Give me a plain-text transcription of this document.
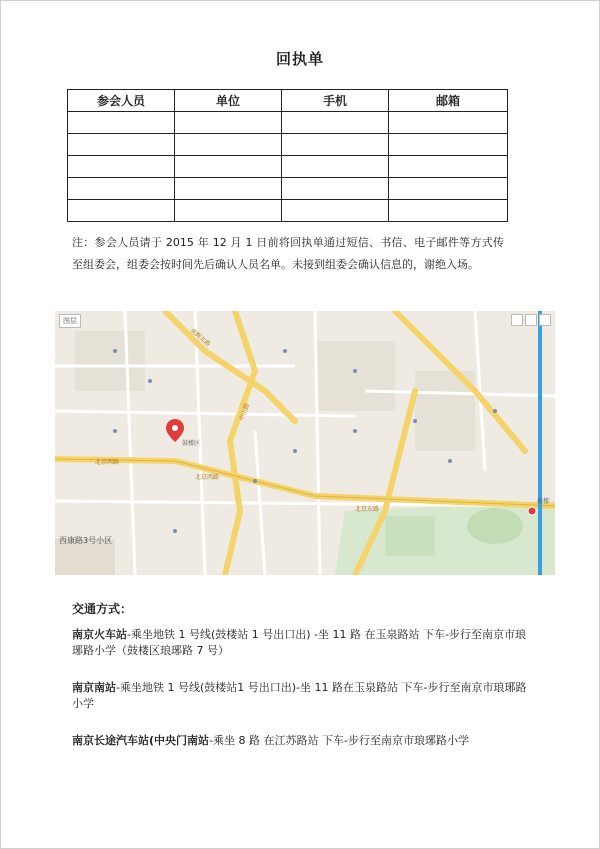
回执单
参会人员	单位	手机	邮箱

注：参会人员请于 2015 年 12 月 1 日前将回执单通过短信、书信、电子邮件等方式传至组委会，组委会按时间先后确认人员名单。未接到组委会确认信息的，谢绝入场。
北京西路
北京西路
北京东路
中山路
虎踞北路
西康路3号小区
鼓楼区
鼓楼
图层
交通方式：

南京火车站-乘坐地铁 1 号线(鼓楼站 1 号出口出) -坐 11 路 在玉泉路站 下车-步行至南京市琅琊路小学（鼓楼区琅琊路 7 号）

南京南站-乘坐地铁 1 号线(鼓楼站1 号出口出)-坐 11 路在玉泉路站 下车-步行至南京市琅琊路小学

南京长途汽车站(中央门南站-乘坐 8 路 在江苏路站 下车-步行至南京市琅琊路小学
